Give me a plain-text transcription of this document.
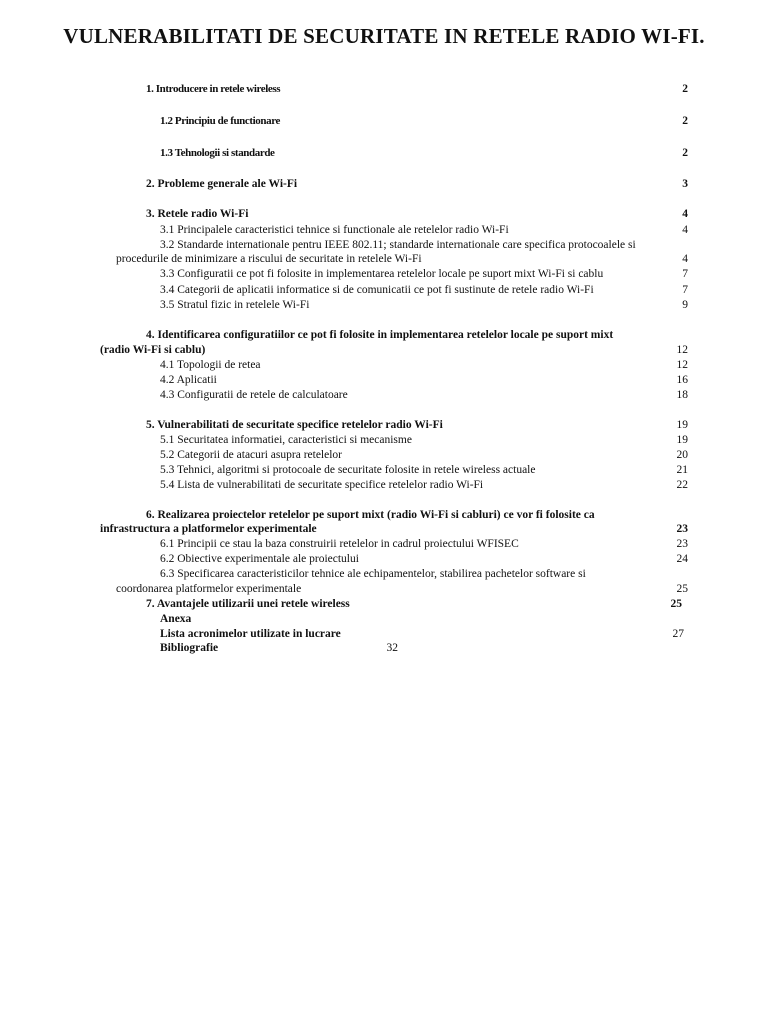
VULNERABILITATI DE SECURITATE IN RETELE RADIO WI-FI.
1. Introducere in retele wireless	2
1.2 Principiu de functionare	2
1.3 Tehnologii si standarde	2
2. Probleme generale ale Wi-Fi	3
3. Retele radio Wi-Fi	4
3.1 Principalele caracteristici tehnice si functionale ale retelelor radio Wi-Fi	4
3.2 Standarde internationale pentru IEEE 802.11; standarde internationale care specifica protocoalele si
procedurile de minimizare a riscului de securitate in retelele Wi-Fi	4
3.3 Configuratii ce pot fi folosite in implementarea retelelor locale pe suport mixt Wi-Fi si cablu	7
3.4 Categorii de aplicatii informatice si de comunicatii ce pot fi sustinute de retele radio Wi-Fi	7
3.5 Stratul fizic in retelele Wi-Fi	9
4. Identificarea configuratiilor ce pot fi folosite in implementarea retelelor locale pe suport mixt
(radio Wi-Fi si cablu)	12
4.1 Topologii de retea	12
4.2 Aplicatii	16
4.3 Configuratii de retele de calculatoare	18
5. Vulnerabilitati de securitate specifice retelelor radio Wi-Fi	19
5.1 Securitatea informatiei, caracteristici si mecanisme	19
5.2 Categorii de atacuri asupra retelelor	20
5.3 Tehnici, algoritmi si protocoale de securitate folosite in retele wireless actuale	21
5.4 Lista de vulnerabilitati de securitate specifice retelelor radio Wi-Fi	22
6. Realizarea proiectelor retelelor pe suport mixt (radio Wi-Fi si cabluri) ce vor fi folosite ca
infrastructura a platformelor experimentale	23
6.1 Principii ce stau la baza construirii retelelor in cadrul proiectului WFISEC	23
6.2 Obiective experimentale ale proiectului	24
6.3 Specificarea caracteristicilor tehnice ale echipamentelor, stabilirea pachetelor software si
coordonarea platformelor experimentale	25
7. Avantajele utilizarii unei retele wireless	25
Anexa
Lista acronimelor utilizate in lucrare	27
Bibliografie	32
